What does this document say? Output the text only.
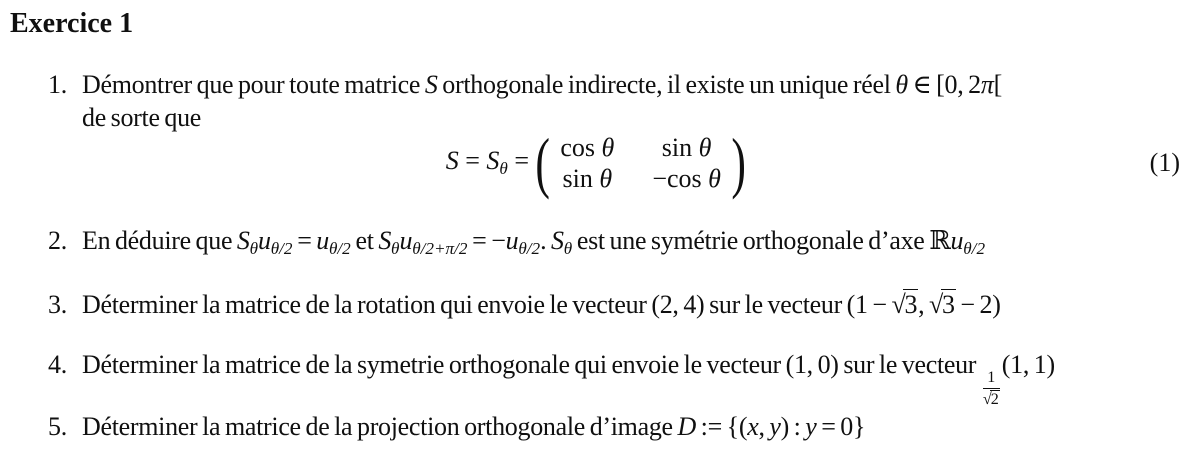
Exercice 1
1. Démontrer que pour toute matrice S orthogonale indirecte, il existe un unique réel θ ∈ [0, 2π[
de sorte que
$S = S_\theta$ = ( cos θ sin θ
sin θ −cos θ )	(1)
2. En déduire que $S_\theta u_{\theta/2} = u_{\theta/2}$ et $S_\theta u_{\theta/2+\pi/2} = -u_{\theta/2}$. $S_\theta$ est une symétrie orthogonale d’axe ℝu$_{\theta/2}$
3. Déterminer la matrice de la rotation qui envoie le vecteur (2, 4) sur le vecteur (1 − √3, √3 − 2)
4. Déterminer la matrice de la symetrie orthogonale qui envoie le vecteur (1, 0) sur le vecteur
$\frac{1}{√2}$
(1, 1)
5. Déterminer la matrice de la projection orthogonale d’image D := {(x, y) : y = 0}
